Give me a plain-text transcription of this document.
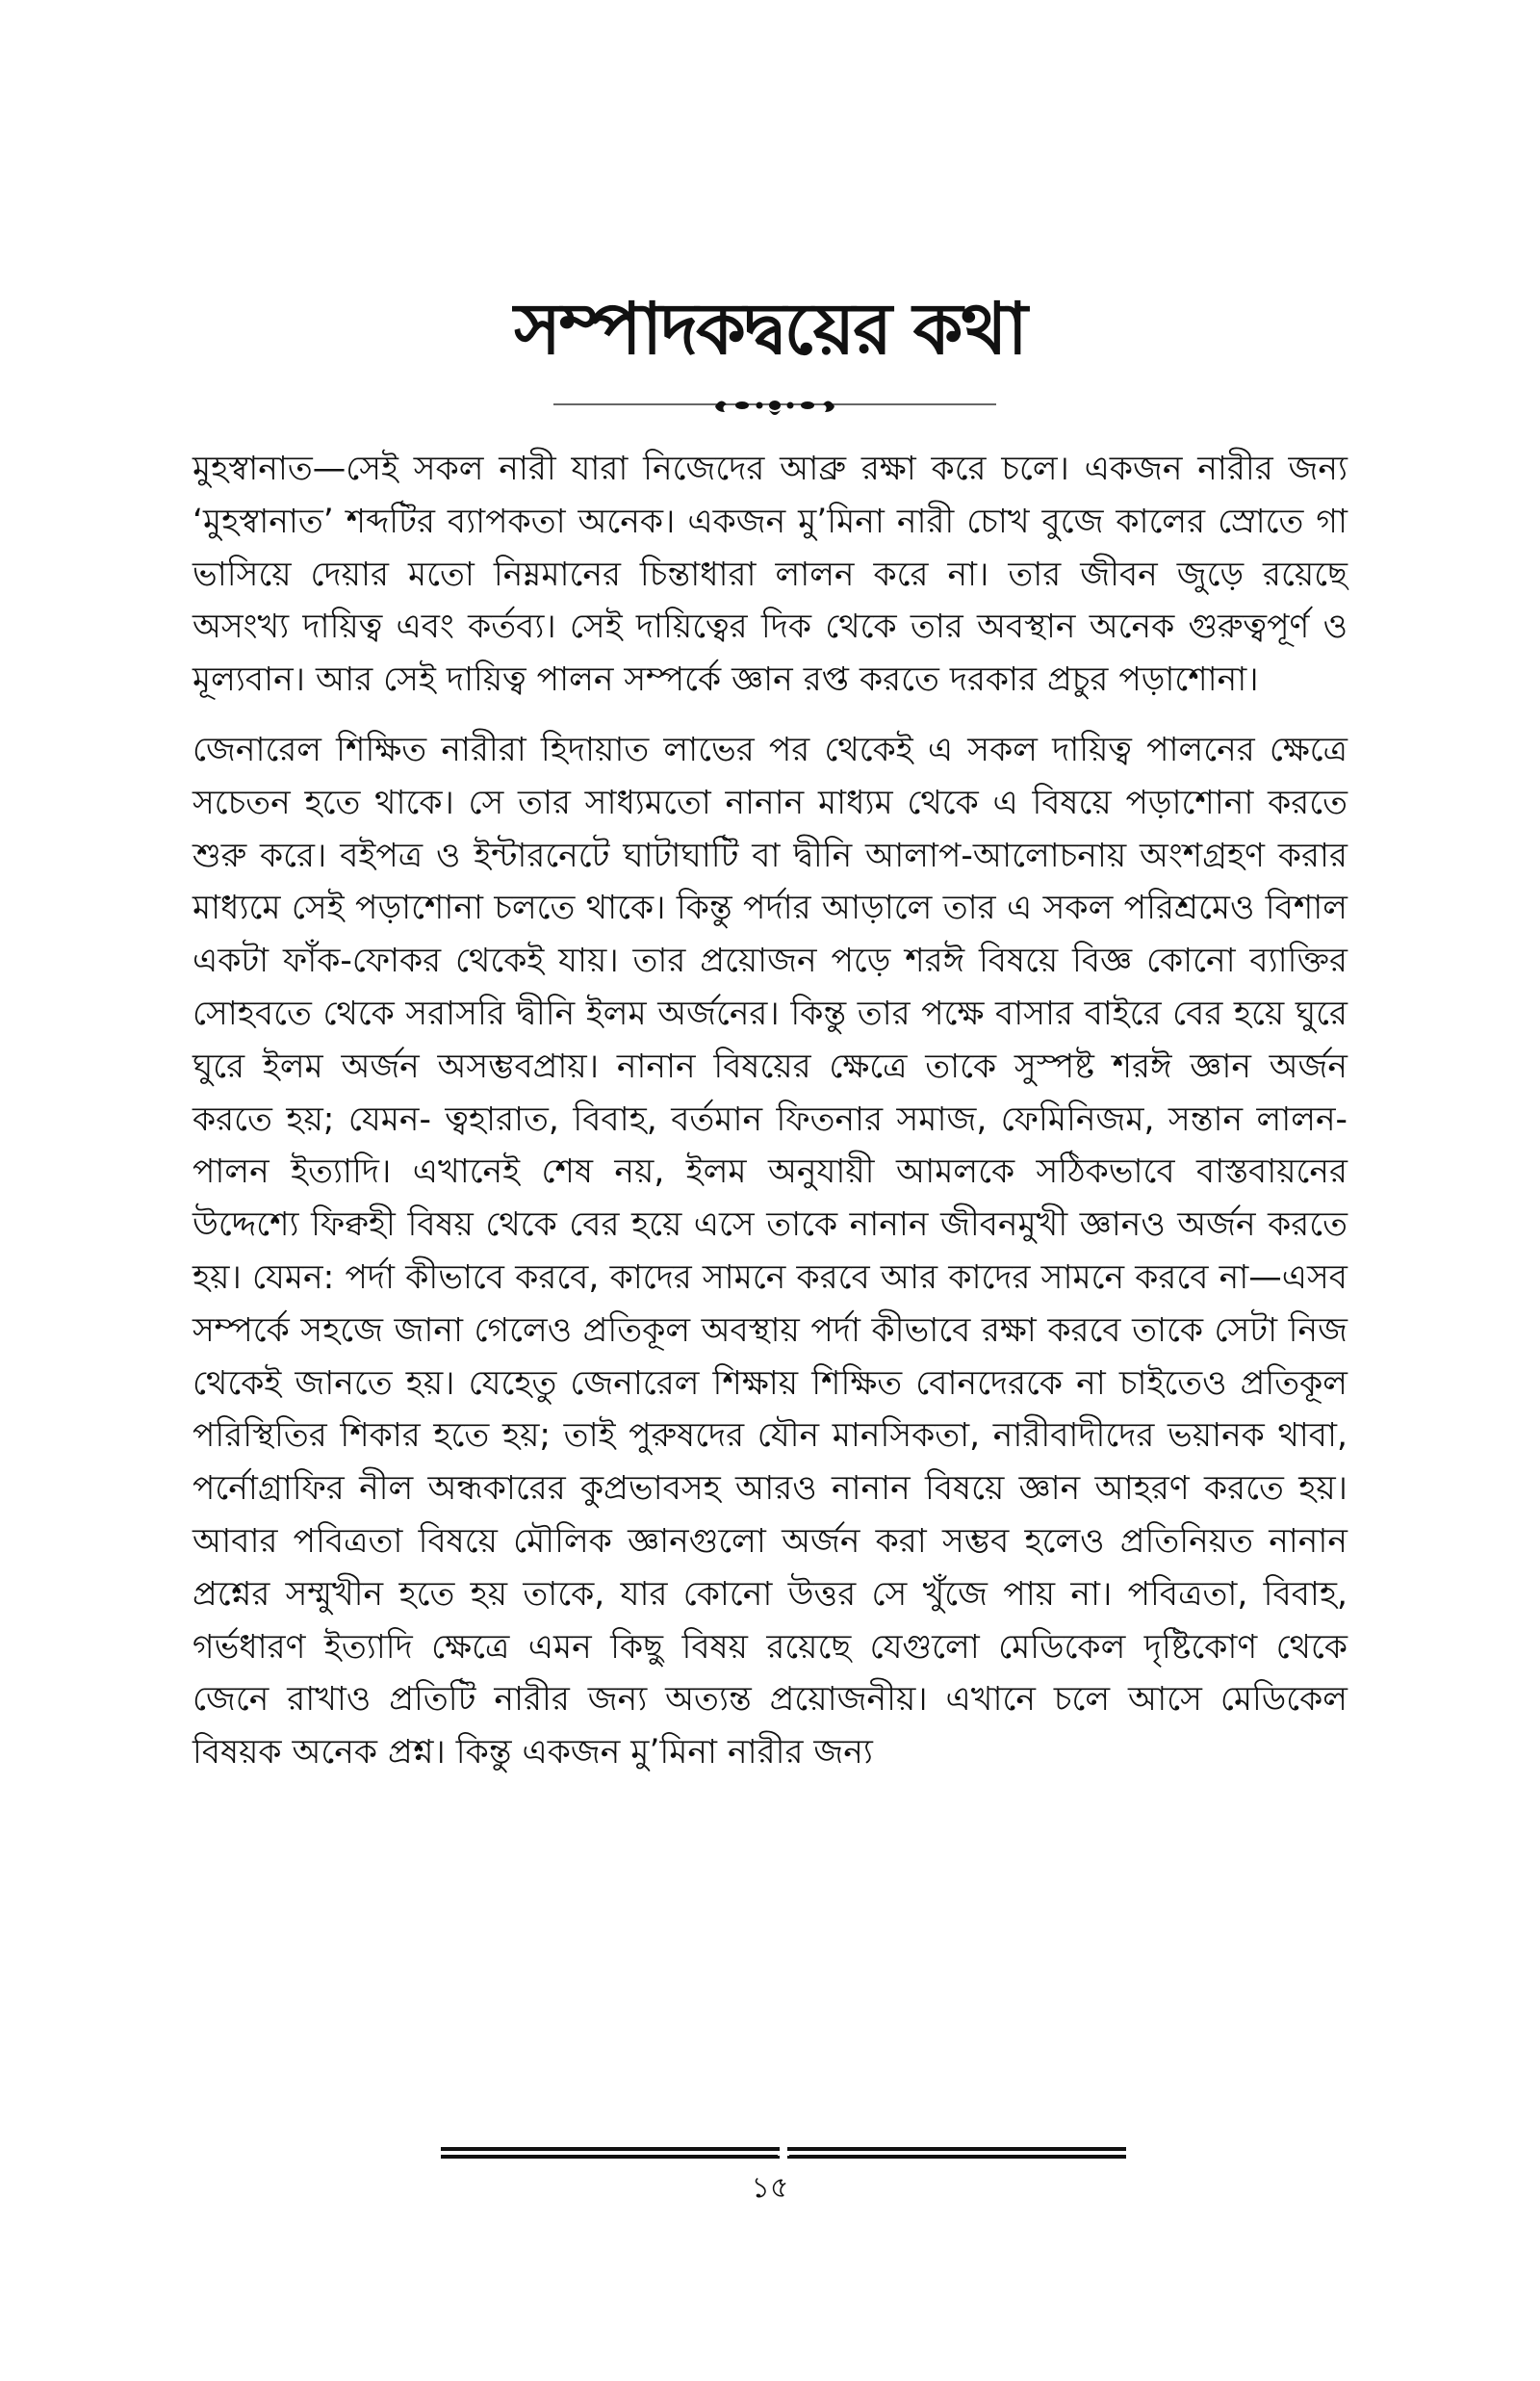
সম্পাদকদ্বয়ের কথা

মুহস্বানাত—সেই সকল নারী যারা নিজেদের আব্রু রক্ষা করে চলে। একজন নারীর জন্য ‘মুহস্বানাত’ শব্দটির ব্যাপকতা অনেক। একজন মু’মিনা নারী চোখ বুজে কালের স্রোতে গা ভাসিয়ে দেয়ার মতো নিম্নমানের চিন্তাধারা লালন করে না। তার জীবন জুড়ে রয়েছে অসংখ্য দায়িত্ব এবং কর্তব্য। সেই দায়িত্বের দিক থেকে তার অবস্থান অনেক গুরুত্বপূর্ণ ও মূল্যবান। আর সেই দায়িত্ব পালন সম্পর্কে জ্ঞান রপ্ত করতে দরকার প্রচুর পড়াশোনা।

জেনারেল শিক্ষিত নারীরা হিদায়াত লাভের পর থেকেই এ সকল দায়িত্ব পালনের ক্ষেত্রে সচেতন হতে থাকে। সে তার সাধ্যমতো নানান মাধ্যম থেকে এ বিষয়ে পড়াশোনা করতে শুরু করে। বইপত্র ও ইন্টারনেটে ঘাটাঘাটি বা দ্বীনি আলাপ-আলোচনায় অংশগ্রহণ করার মাধ্যমে সেই পড়াশোনা চলতে থাকে। কিন্তু পর্দার আড়ালে তার এ সকল পরিশ্রমেও বিশাল একটা ফাঁক-ফোকর থেকেই যায়। তার প্রয়োজন পড়ে শরঈ বিষয়ে বিজ্ঞ কোনো ব্যাক্তির সোহবতে থেকে সরাসরি দ্বীনি ইলম অর্জনের। কিন্তু তার পক্ষে বাসার বাইরে বের হয়ে ঘুরে ঘুরে ইলম অর্জন অসম্ভবপ্রায়। নানান বিষয়ের ক্ষেত্রে তাকে সুস্পষ্ট শরঈ জ্ঞান অর্জন করতে হয়; যেমন- ত্বহারাত, বিবাহ, বর্তমান ফিতনার সমাজ, ফেমিনিজম, সন্তান লালন-পালন ইত্যাদি। এখানেই শেষ নয়, ইলম অনুযায়ী আমলকে সঠিকভাবে বাস্তবায়নের উদ্দেশ্যে ফিক্বহী বিষয় থেকে বের হয়ে এসে তাকে নানান জীবনমুখী জ্ঞানও অর্জন করতে হয়। যেমন: পর্দা কীভাবে করবে, কাদের সামনে করবে আর কাদের সামনে করবে না—এসব সম্পর্কে সহজে জানা গেলেও প্রতিকূল অবস্থায় পর্দা কীভাবে রক্ষা করবে তাকে সেটা নিজ থেকেই জানতে হয়। যেহেতু জেনারেল শিক্ষায় শিক্ষিত বোনদেরকে না চাইতেও প্রতিকূল পরিস্থিতির শিকার হতে হয়; তাই পুরুষদের যৌন মানসিকতা, নারীবাদীদের ভয়ানক থাবা, পর্নোগ্রাফির নীল অন্ধকারের কুপ্রভাবসহ আরও নানান বিষয়ে জ্ঞান আহরণ করতে হয়। আবার পবিত্রতা বিষয়ে মৌলিক জ্ঞানগুলো অর্জন করা সম্ভব হলেও প্রতিনিয়ত নানান প্রশ্নের সম্মুখীন হতে হয় তাকে, যার কোনো উত্তর সে খুঁজে পায় না। পবিত্রতা, বিবাহ, গর্ভধারণ ইত্যাদি ক্ষেত্রে এমন কিছু বিষয় রয়েছে যেগুলো মেডিকেল দৃষ্টিকোণ থেকে জেনে রাখাও প্রতিটি নারীর জন্য অত্যন্ত প্রয়োজনীয়। এখানে চলে আসে মেডিকেল বিষয়ক অনেক প্রশ্ন। কিন্তু একজন মু’মিনা নারীর জন্য

১৫
